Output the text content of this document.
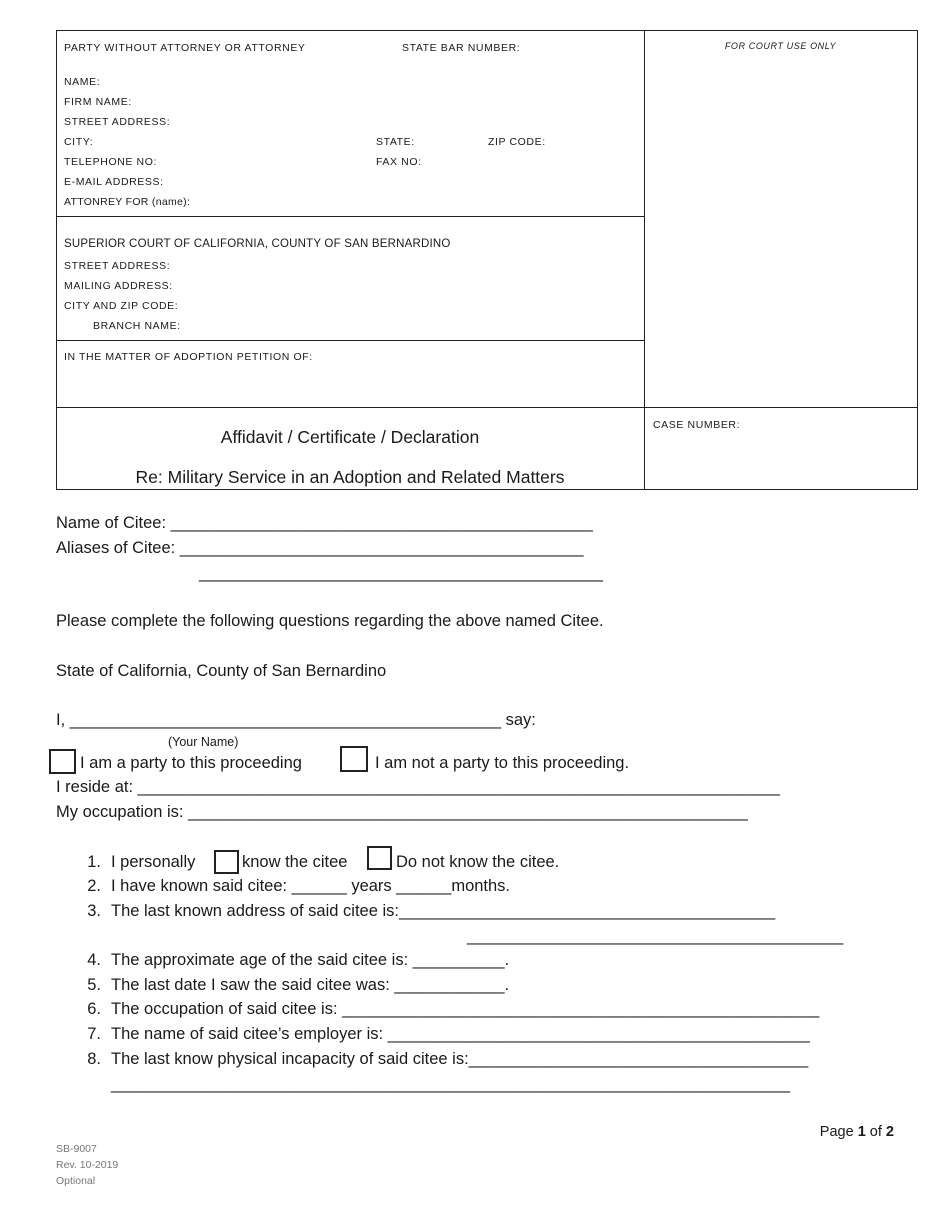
PARTY WITHOUT ATTORNEY OR ATTORNEY	STATE BAR NUMBER:
NAME:
FIRM NAME:
STREET ADDRESS:
CITY:	STATE:	ZIP CODE:
TELEPHONE NO:	FAX NO:
E-MAIL ADDRESS:
ATTONREY FOR (name):
FOR COURT USE ONLY
SUPERIOR COURT OF CALIFORNIA, COUNTY OF SAN BERNARDINO
STREET ADDRESS:
MAILING ADDRESS:
CITY AND ZIP CODE:
BRANCH NAME:
IN THE MATTER OF ADOPTION PETITION OF:
CASE NUMBER:
Affidavit / Certificate / Declaration
Re: Military Service in an Adoption and Related Matters
Name of Citee: ______________________________________________
Aliases of Citee: ____________________________________________
____________________________________________
Please complete the following questions regarding the above named Citee.
State of California, County of San Bernardino
I, _______________________________________________ say:
(Your Name)
I am a party to this proceeding	I am not a party to this proceeding.
I reside at: ______________________________________________________________________
My occupation is: _____________________________________________________________
1. I personally	know the citee	Do not know the citee.
2. I have known said citee: ______ years ______months.
3. The last known address of said citee is:_________________________________________
_________________________________________
4. The approximate age of the said citee is: __________.
5. The last date I saw the said citee was: ____________.
6. The occupation of said citee is: ____________________________________________________
7. The name of said citee’s employer is: ______________________________________________
8. The last know physical incapacity of said citee is:_____________________________________
__________________________________________________________________________
Page 1 of 2
SB-9007
Rev. 10-2019
Optional
